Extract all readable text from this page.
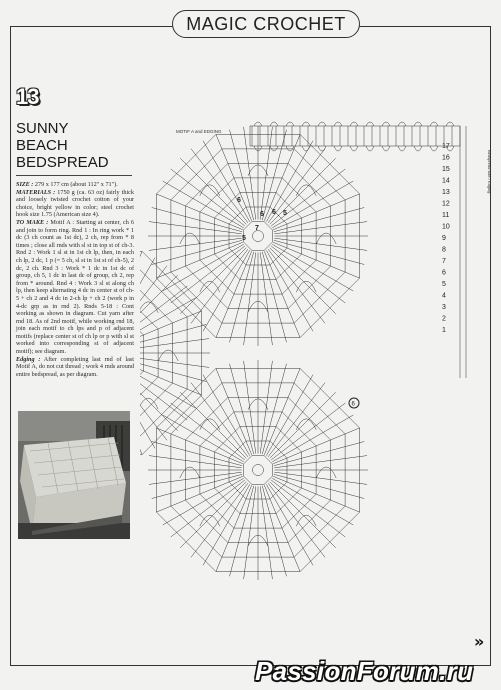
MAGIC CROCHET
13
SUNNY
BEACH
BEDSPREAD

SIZE : 279 x 177 cm (about 112" x 71").

MATERIALS : 1750 g (ca. 63 oz) fairly thick and loosely twisted crochet cotton of your choice, bright yellow in color; steel crochet hook size 1.75 (American size 4).

TO MAKE : Motif A : Starting at center, ch 6 and join to form ring. Rnd 1 : In ring work * 1 dc (3 ch count as 1st dc), 2 ch, rep from * 8 times ; close all rnds with sl st in top st of ch-3. Rnd 2 : Work 1 sl st in 1st ch lp, then, in each ch lp, 2 dc, 1 p (= 5 ch, sl st in 1st st of ch-5), 2 dc, 2 ch. Rnd 3 : Work * 1 dc in 1st dc of group, ch 5, 1 dc in last dc of group, ch 2, rep from * around. Rnd 4 : Work 3 sl st along ch lp, then keep alternating 4 dc in center st of ch-5 + ch 2 and 4 dc in 2-ch lp + ch 2 (work p in 4-dc grp as in rnd 2). Rnds 5-18 : Cont working as shown in diagram. Cut yarn after rnd 18. As of 2nd motif, while working rnd 18, join each motif to ch lps and p of adjacent motifs (replace center st of ch lp or p with sl st worked into corresponding st of adjacent motif); see diagram.

Edging : After completing last rnd of last Motif A, do not cut thread ; work 4 rnds around entire bedspread, as per diagram.

MOTIF A and EDGING
Bedspread size / Edging
17
16
15
14
13
12
11
10
9
8
7
6
5
4
3
2
1
6
6	5
7
5
6
6
»
PassionForum.ru
